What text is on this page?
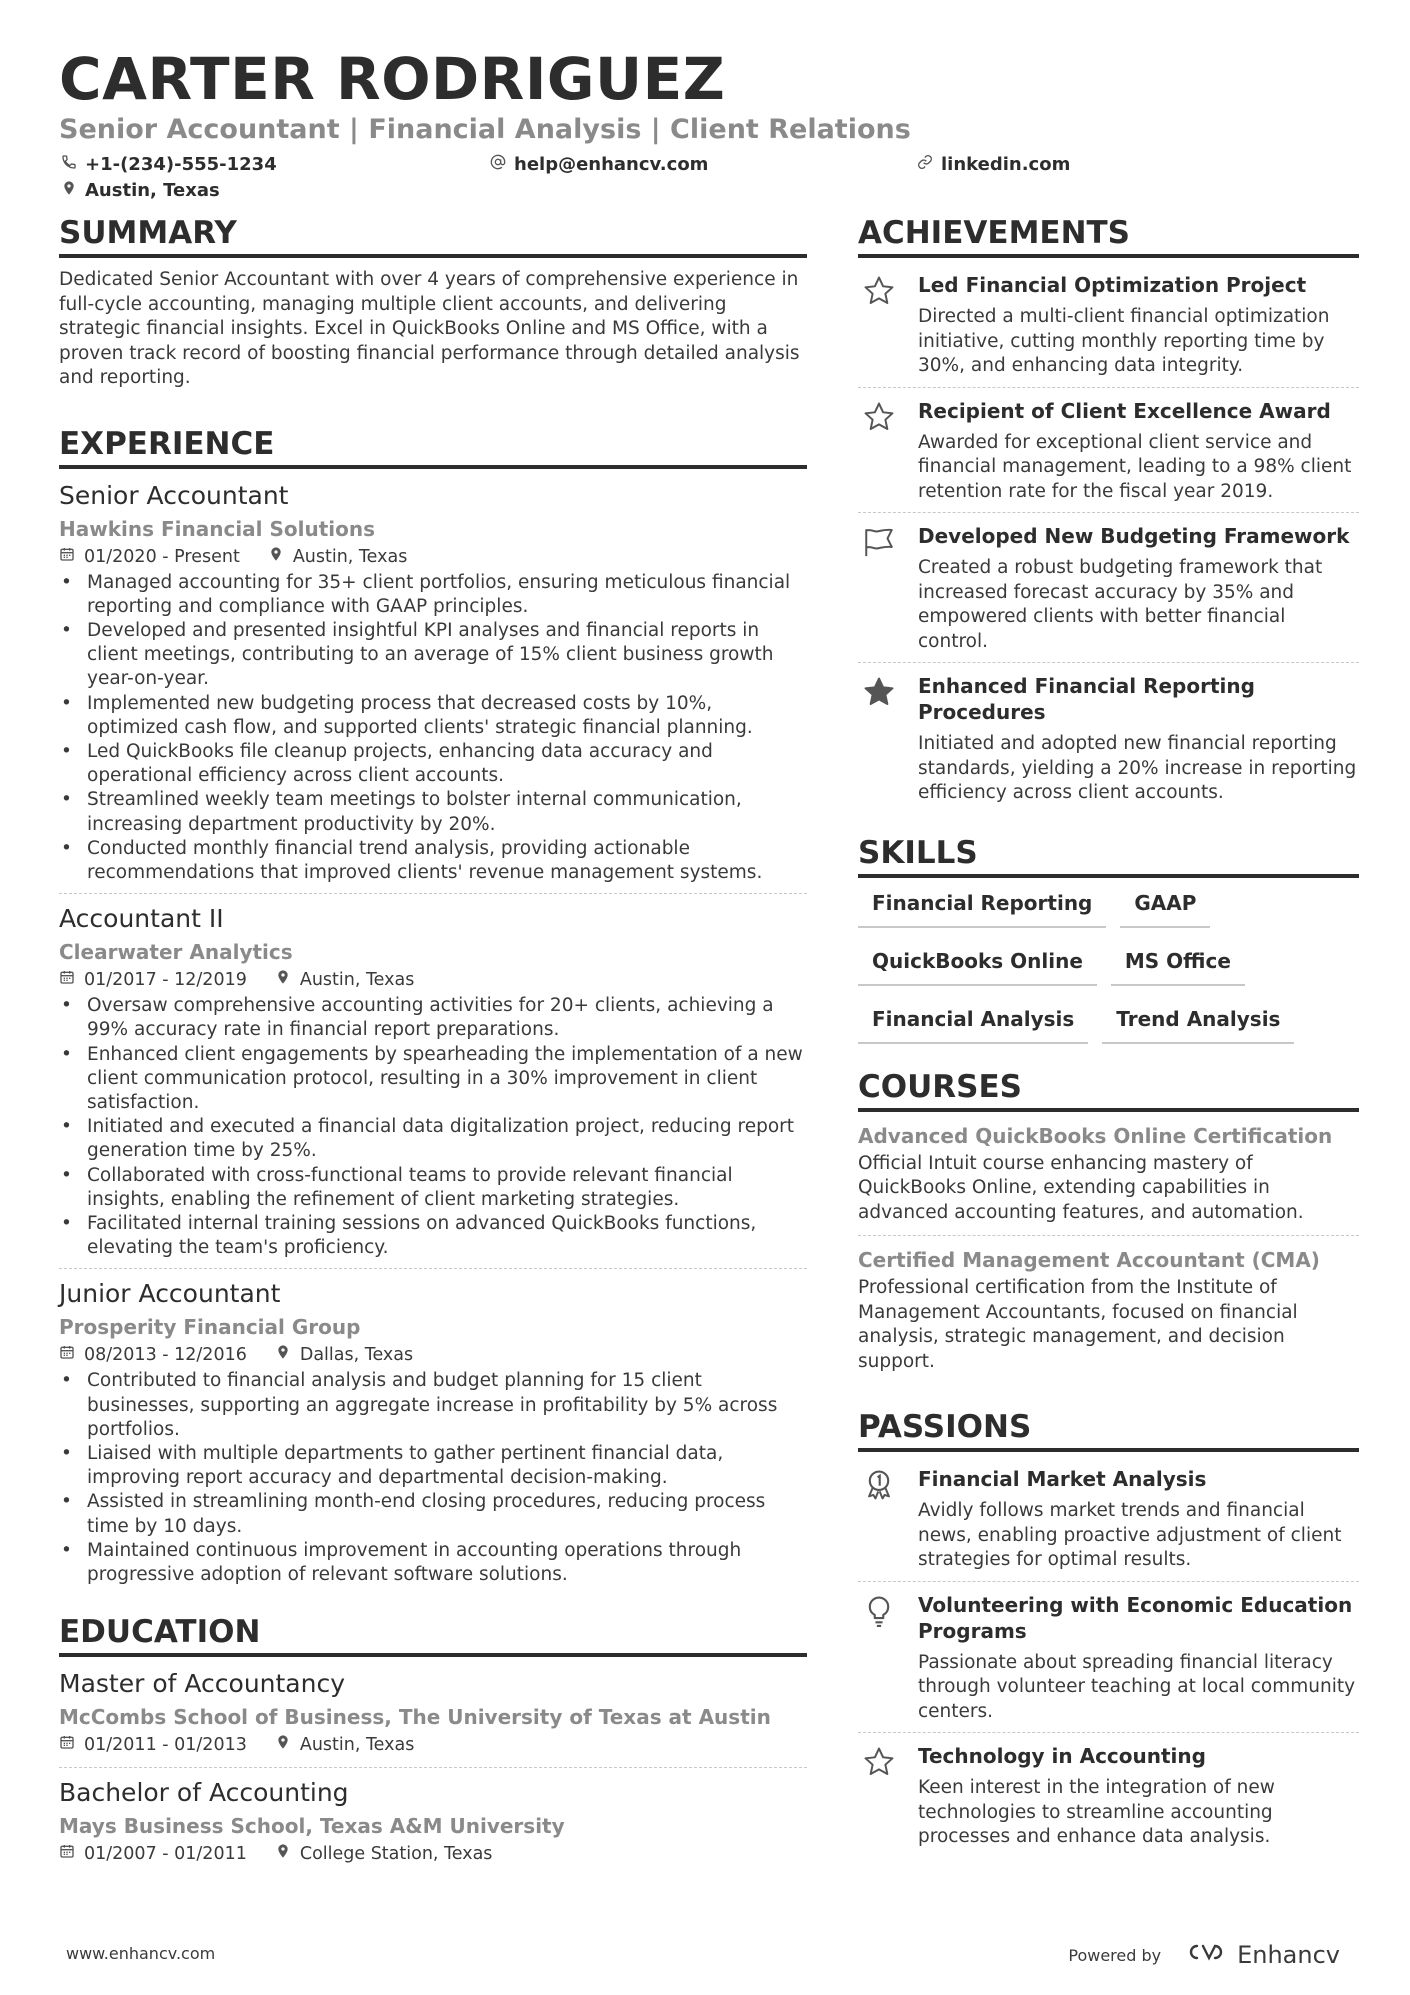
CARTER RODRIGUEZ
Senior Accountant | Financial Analysis | Client Relations
+1-(234)-555-1234	help@enhancv.com	linkedin.com
Austin, Texas
SUMMARY
Dedicated Senior Accountant with over 4 years of comprehensive experience in full-cycle accounting, managing multiple client accounts, and delivering strategic financial insights. Excel in QuickBooks Online and MS Office, with a proven track record of boosting financial performance through detailed analysis and reporting.
EXPERIENCE
Senior Accountant
Hawkins Financial Solutions
01/2020 - Present	Austin, Texas
• Managed accounting for 35+ client portfolios, ensuring meticulous financial reporting and compliance with GAAP principles.
• Developed and presented insightful KPI analyses and financial reports in client meetings, contributing to an average of 15% client business growth year-on-year.
• Implemented new budgeting process that decreased costs by 10%, optimized cash flow, and supported clients' strategic financial planning.
• Led QuickBooks file cleanup projects, enhancing data accuracy and operational efficiency across client accounts.
• Streamlined weekly team meetings to bolster internal communication, increasing department productivity by 20%.
• Conducted monthly financial trend analysis, providing actionable recommendations that improved clients' revenue management systems.
Accountant II
Clearwater Analytics
01/2017 - 12/2019	Austin, Texas
• Oversaw comprehensive accounting activities for 20+ clients, achieving a 99% accuracy rate in financial report preparations.
• Enhanced client engagements by spearheading the implementation of a new client communication protocol, resulting in a 30% improvement in client satisfaction.
• Initiated and executed a financial data digitalization project, reducing report generation time by 25%.
• Collaborated with cross-functional teams to provide relevant financial insights, enabling the refinement of client marketing strategies.
• Facilitated internal training sessions on advanced QuickBooks functions, elevating the team's proficiency.
Junior Accountant
Prosperity Financial Group
08/2013 - 12/2016	Dallas, Texas
• Contributed to financial analysis and budget planning for 15 client businesses, supporting an aggregate increase in profitability by 5% across portfolios.
• Liaised with multiple departments to gather pertinent financial data, improving report accuracy and departmental decision-making.
• Assisted in streamlining month-end closing procedures, reducing process time by 10 days.
• Maintained continuous improvement in accounting operations through progressive adoption of relevant software solutions.
EDUCATION
Master of Accountancy
McCombs School of Business, The University of Texas at Austin
01/2011 - 01/2013	Austin, Texas
Bachelor of Accounting
Mays Business School, Texas A&M University
01/2007 - 01/2011	College Station, Texas
ACHIEVEMENTS
Led Financial Optimization Project
Directed a multi-client financial optimization initiative, cutting monthly reporting time by 30%, and enhancing data integrity.
Recipient of Client Excellence Award
Awarded for exceptional client service and financial management, leading to a 98% client retention rate for the fiscal year 2019.
Developed New Budgeting Framework
Created a robust budgeting framework that increased forecast accuracy by 35% and empowered clients with better financial control.
Enhanced Financial Reporting Procedures
Initiated and adopted new financial reporting standards, yielding a 20% increase in reporting efficiency across client accounts.
SKILLS
Financial Reporting	GAAP
QuickBooks Online	MS Office
Financial Analysis	Trend Analysis
COURSES
Advanced QuickBooks Online Certification
Official Intuit course enhancing mastery of QuickBooks Online, extending capabilities in advanced accounting features, and automation.
Certified Management Accountant (CMA)
Professional certification from the Institute of Management Accountants, focused on financial analysis, strategic management, and decision support.
PASSIONS
Financial Market Analysis
Avidly follows market trends and financial news, enabling proactive adjustment of client strategies for optimal results.
Volunteering with Economic Education Programs
Passionate about spreading financial literacy through volunteer teaching at local community centers.
Technology in Accounting
Keen interest in the integration of new technologies to streamline accounting processes and enhance data analysis.
www.enhancv.com	Powered by	Enhancv
